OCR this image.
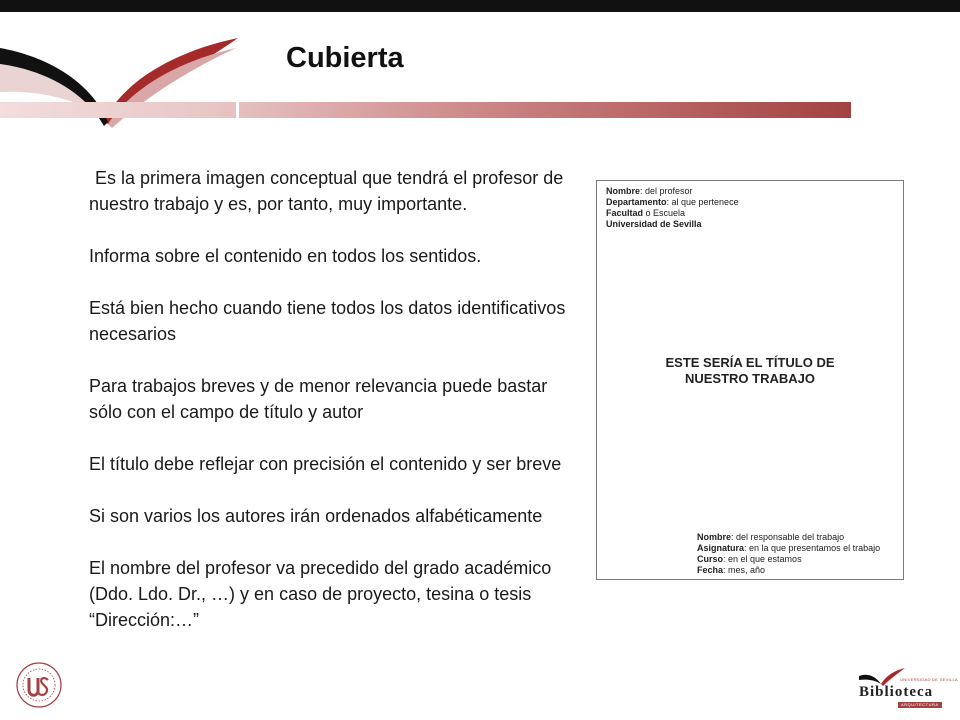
Cubierta

Es la primera imagen conceptual que tendrá el profesor de nuestro trabajo y es, por tanto, muy importante.

Informa sobre el contenido en todos los sentidos.

Está bien hecho cuando tiene todos los datos identificativos necesarios

Para trabajos breves y de menor relevancia puede bastar sólo con el campo de título y autor

El título debe reflejar con precisión el contenido y ser breve

Si son varios los autores irán ordenados alfabéticamente

El nombre del profesor va precedido del grado académico (Ddo. Ldo. Dr., …) y en caso de proyecto, tesina o tesis “Dirección:…”

Nombre: del profesor
Departamento: al que pertenece
Facultad o Escuela
Universidad de Sevilla
ESTE SERÍA EL TÍTULO DE
NUESTRO TRABAJO
Nombre: del responsable del trabajo
Asignatura: en la que presentamos el trabajo
Curso: en el que estamos
Fecha: mes, año
UNIVERSIDAD DE SEVILLA
Biblioteca
ARQUITECTURA
